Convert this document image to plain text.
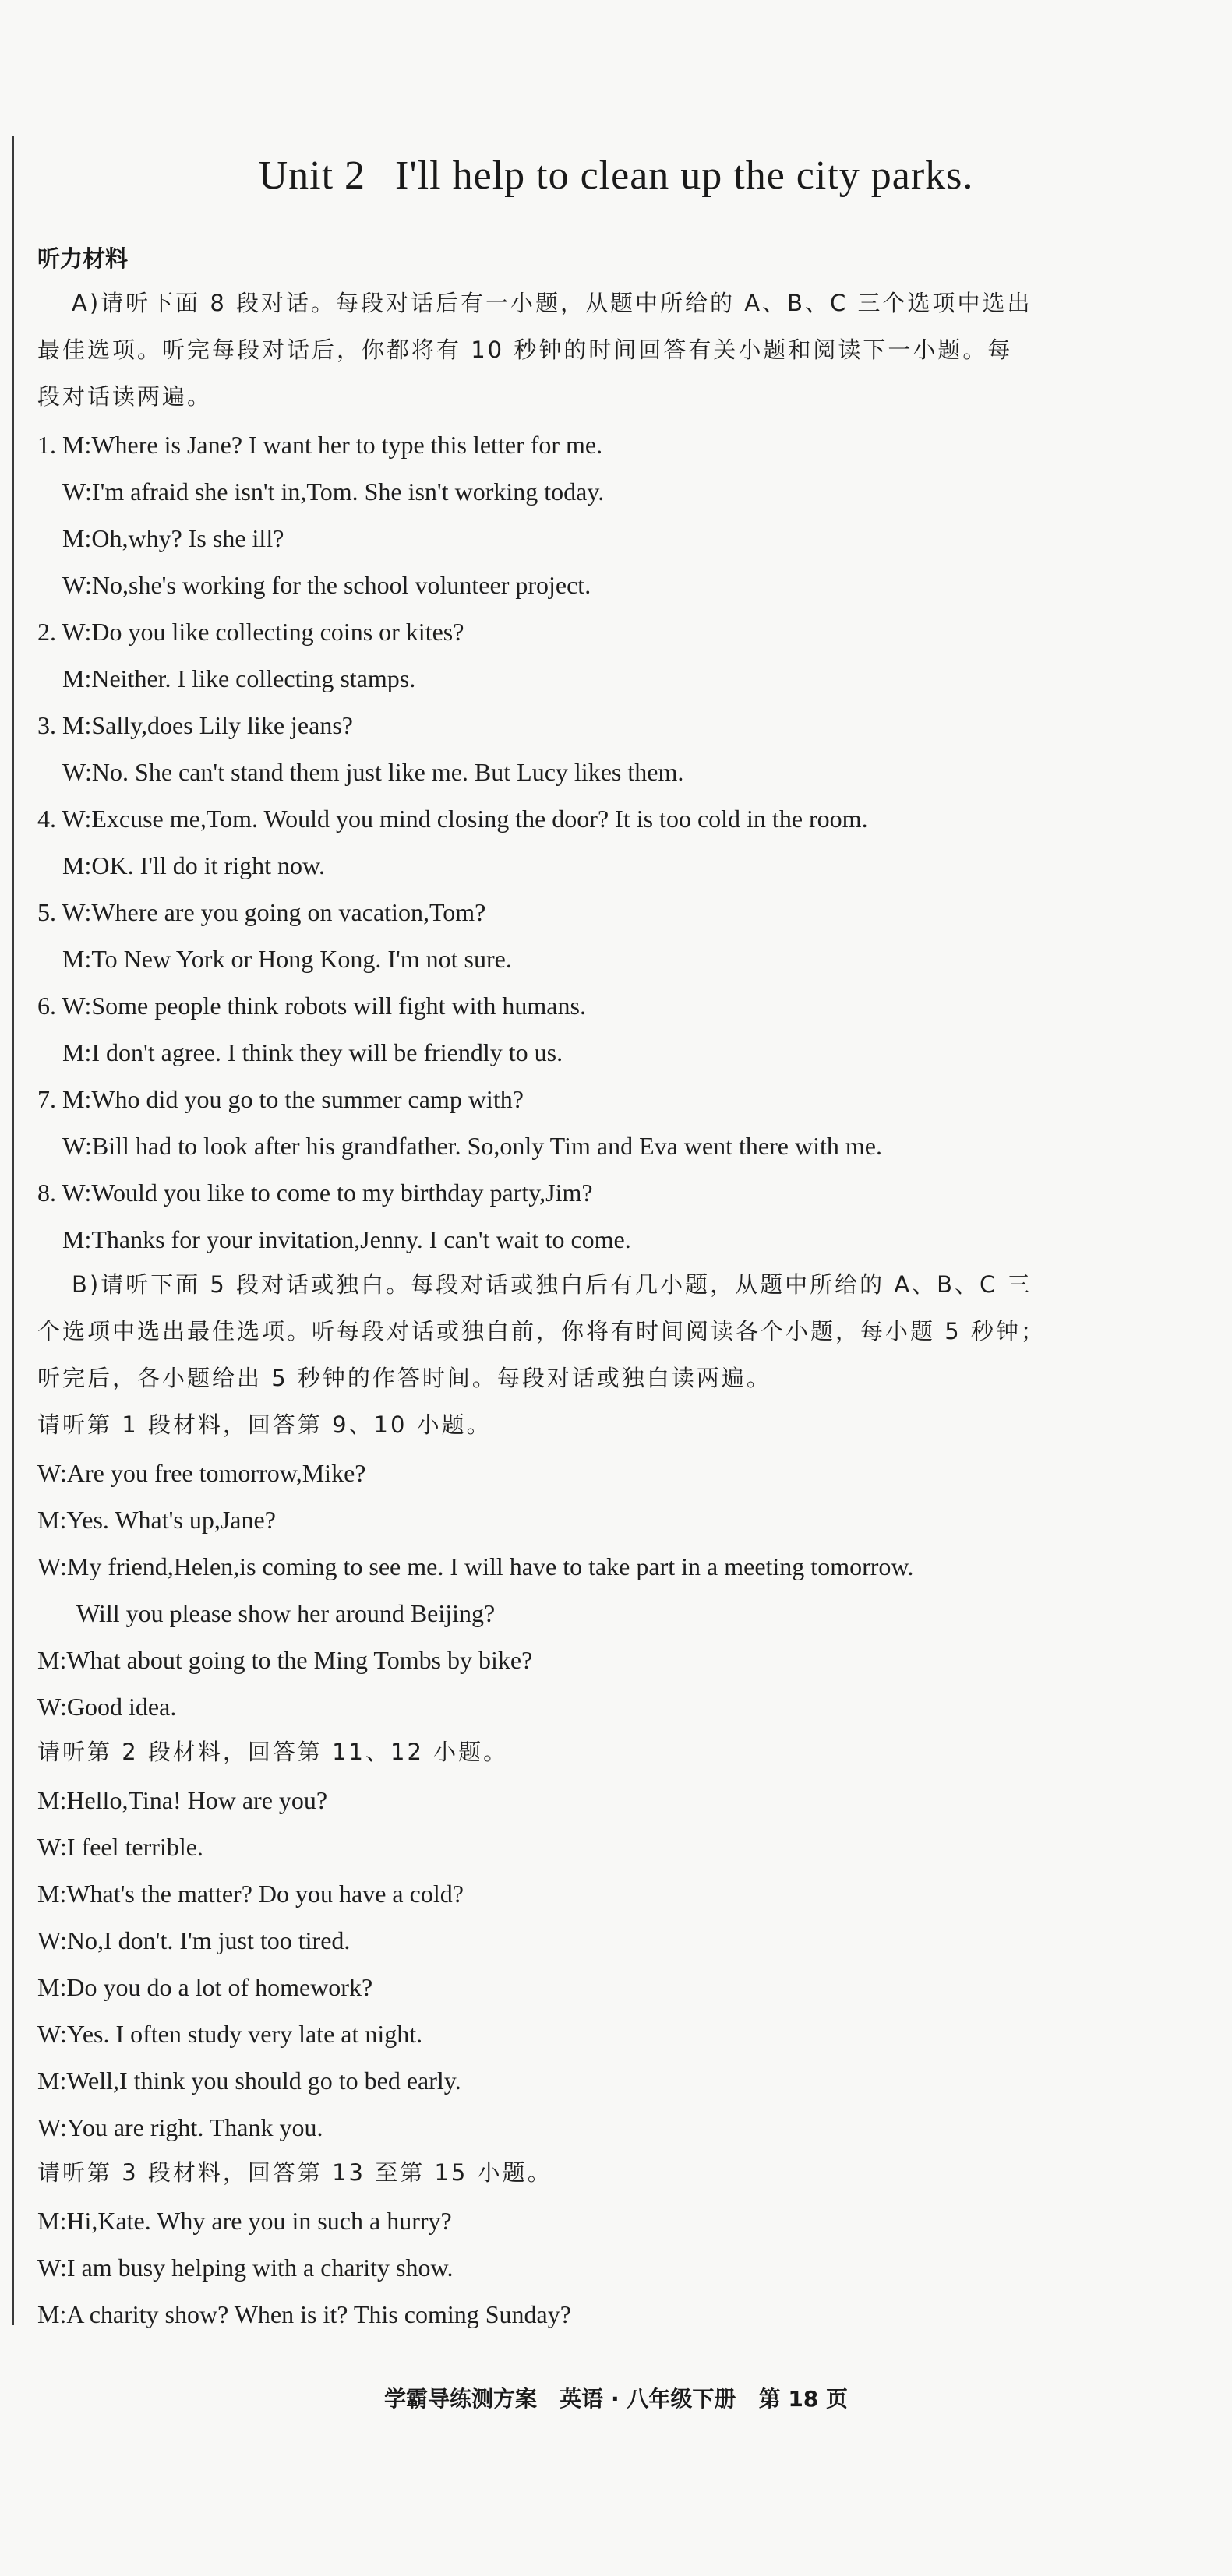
Unit 2 I'll help to clean up the city parks.
听力材料
A)请听下面 8 段对话。每段对话后有一小题，从题中所给的 A、B、C 三个选项中选出
最佳选项。听完每段对话后，你都将有 10 秒钟的时间回答有关小题和阅读下一小题。每
段对话读两遍。
1. M:Where is Jane? I want her to type this letter for me.
W:I'm afraid she isn't in,Tom. She isn't working today.
M:Oh,why? Is she ill?
W:No,she's working for the school volunteer project.
2. W:Do you like collecting coins or kites?
M:Neither. I like collecting stamps.
3. M:Sally,does Lily like jeans?
W:No. She can't stand them just like me. But Lucy likes them.
4. W:Excuse me,Tom. Would you mind closing the door? It is too cold in the room.
M:OK. I'll do it right now.
5. W:Where are you going on vacation,Tom?
M:To New York or Hong Kong. I'm not sure.
6. W:Some people think robots will fight with humans.
M:I don't agree. I think they will be friendly to us.
7. M:Who did you go to the summer camp with?
W:Bill had to look after his grandfather. So,only Tim and Eva went there with me.
8. W:Would you like to come to my birthday party,Jim?
M:Thanks for your invitation,Jenny. I can't wait to come.
B)请听下面 5 段对话或独白。每段对话或独白后有几小题，从题中所给的 A、B、C 三
个选项中选出最佳选项。听每段对话或独白前，你将有时间阅读各个小题，每小题 5 秒钟；
听完后，各小题给出 5 秒钟的作答时间。每段对话或独白读两遍。
请听第 1 段材料，回答第 9、10 小题。
W:Are you free tomorrow,Mike?
M:Yes. What's up,Jane?
W:My friend,Helen,is coming to see me. I will have to take part in a meeting tomorrow.
Will you please show her around Beijing?
M:What about going to the Ming Tombs by bike?
W:Good idea.
请听第 2 段材料，回答第 11、12 小题。
M:Hello,Tina! How are you?
W:I feel terrible.
M:What's the matter? Do you have a cold?
W:No,I don't. I'm just too tired.
M:Do you do a lot of homework?
W:Yes. I often study very late at night.
M:Well,I think you should go to bed early.
W:You are right. Thank you.
请听第 3 段材料，回答第 13 至第 15 小题。
M:Hi,Kate. Why are you in such a hurry?
W:I am busy helping with a charity show.
M:A charity show? When is it? This coming Sunday?
学霸导练测方案   英语 · 八年级下册   第 18 页
